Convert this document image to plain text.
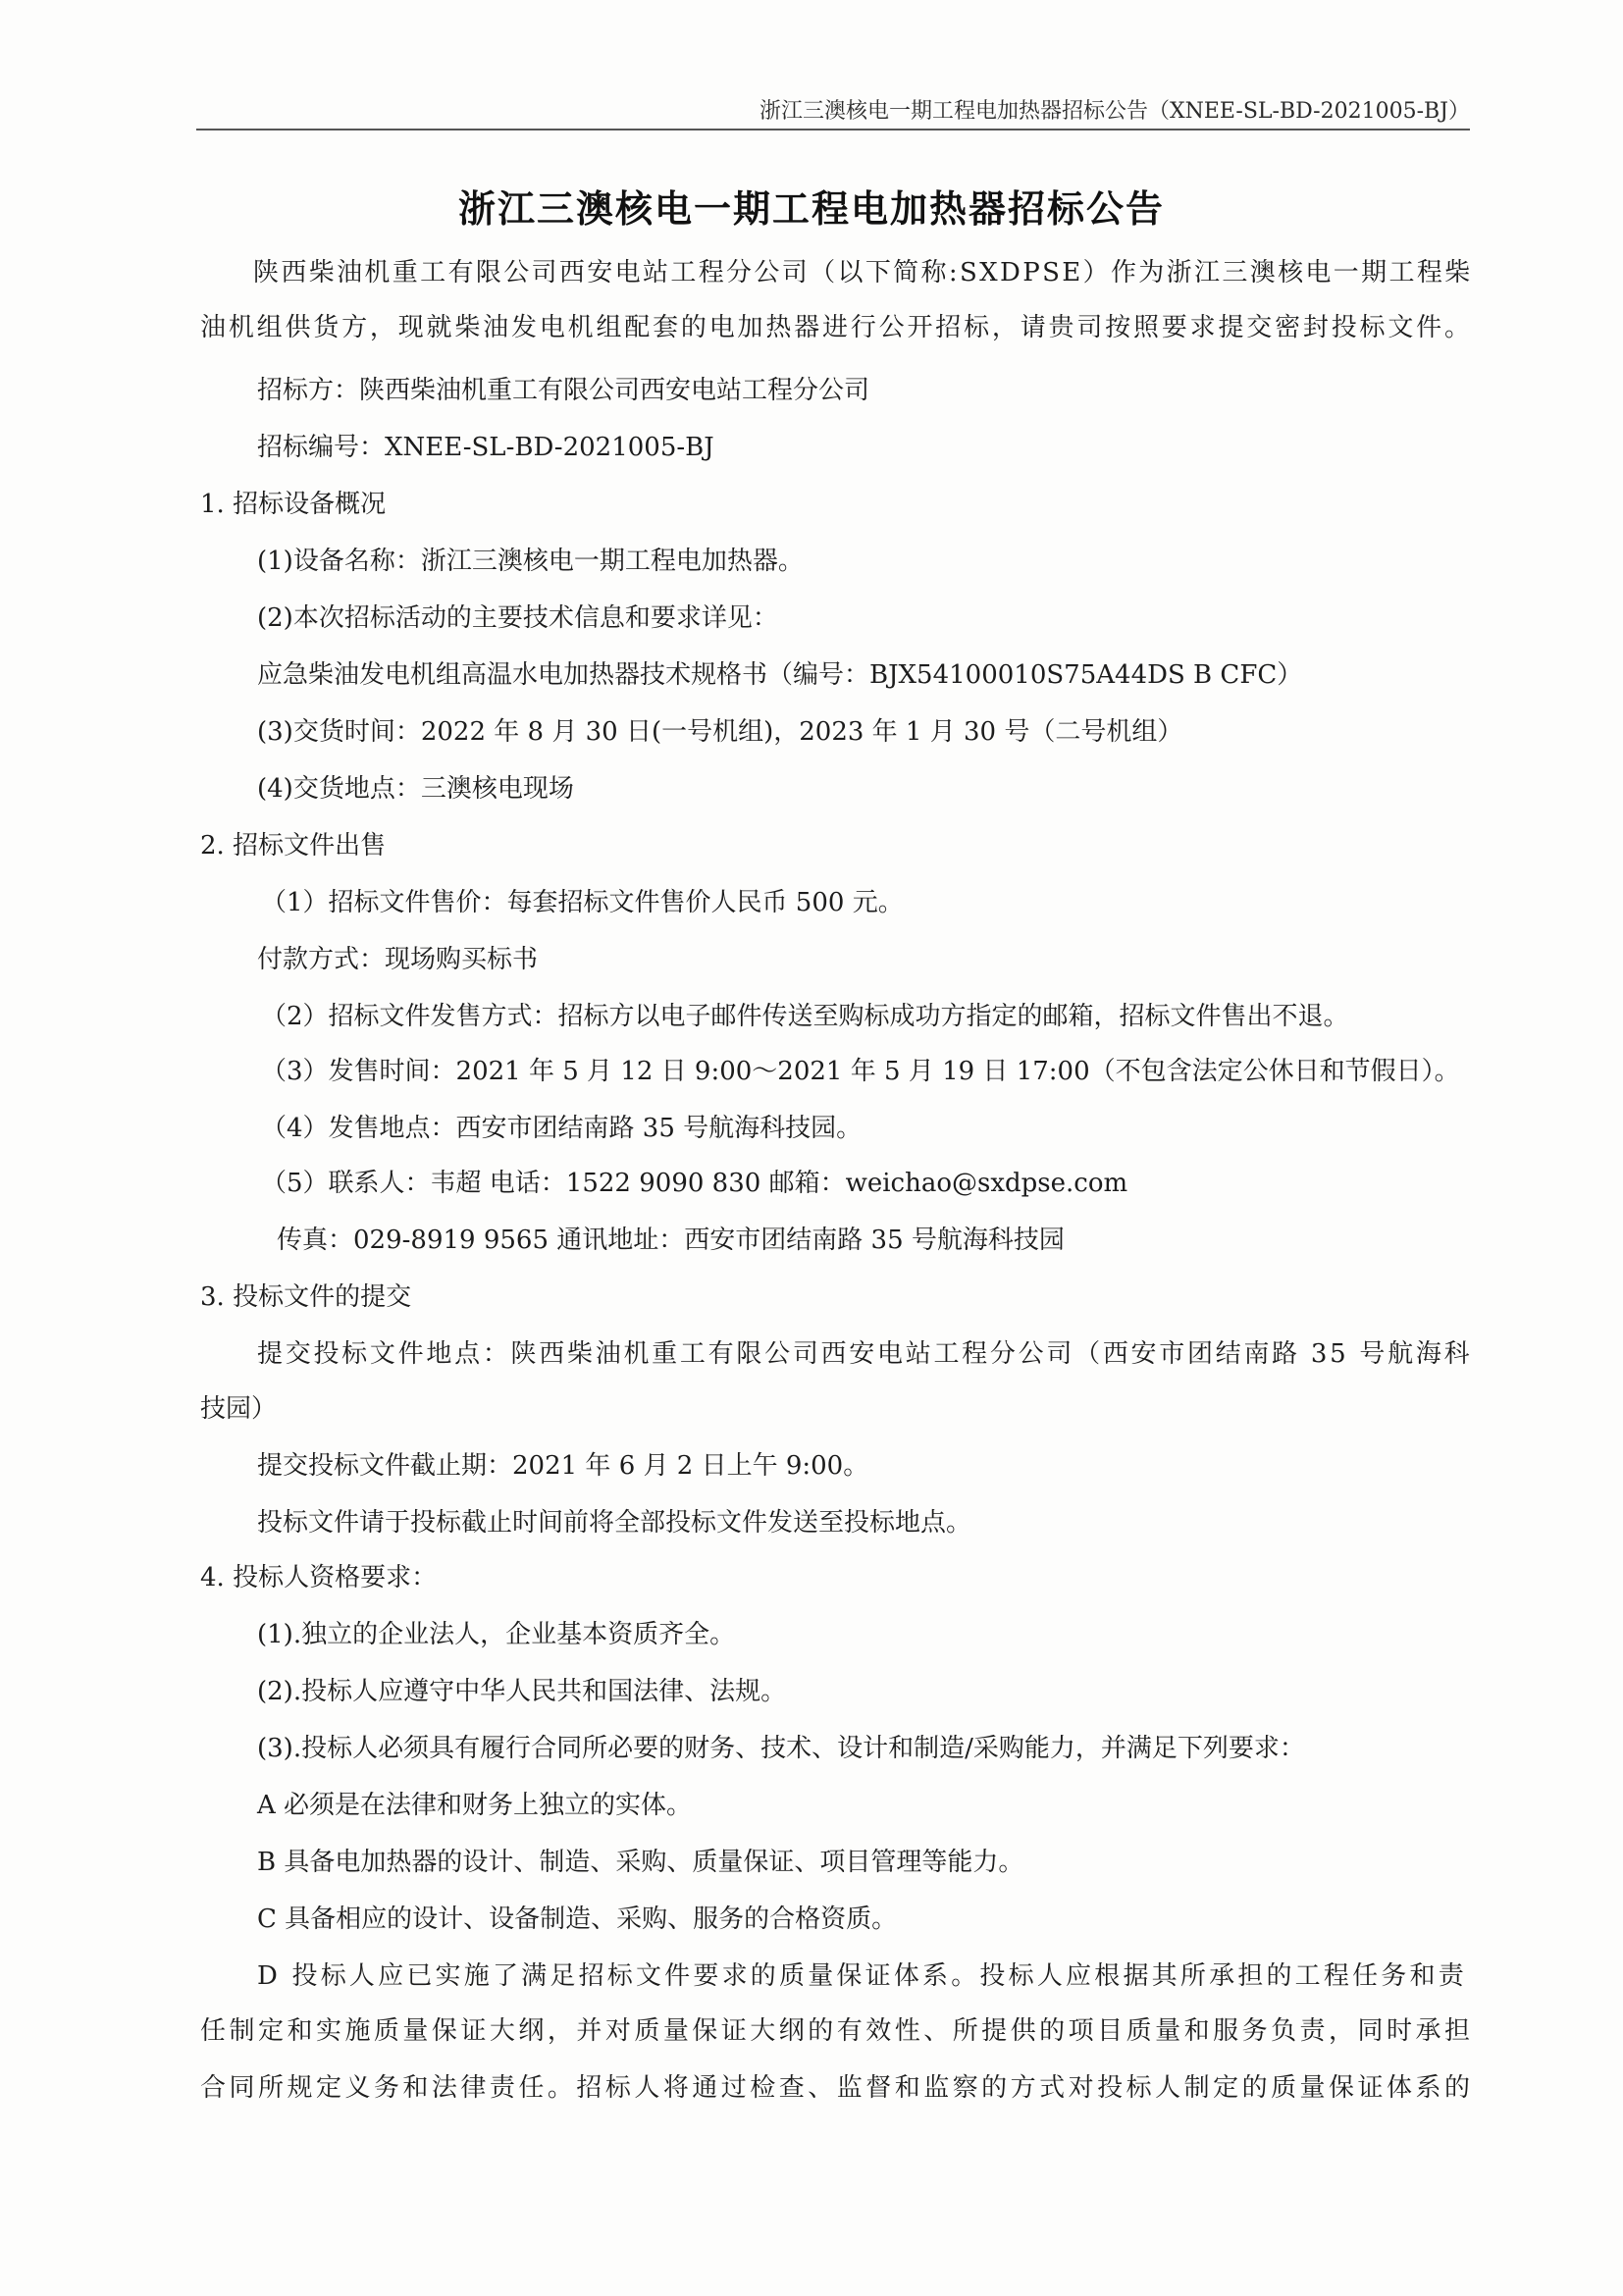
浙江三澳核电一期工程电加热器招标公告（XNEE-SL-BD-2021005-BJ）
浙江三澳核电一期工程电加热器招标公告
陕西柴油机重工有限公司西安电站工程分公司（以下简称:SXDPSE）作为浙江三澳核电一期工程柴
油机组供货方，现就柴油发电机组配套的电加热器进行公开招标，请贵司按照要求提交密封投标文件。
招标方：陕西柴油机重工有限公司西安电站工程分公司
招标编号：XNEE-SL-BD-2021005-BJ
1. 招标设备概况
(1)设备名称：浙江三澳核电一期工程电加热器。
(2)本次招标活动的主要技术信息和要求详见：
应急柴油发电机组高温水电加热器技术规格书（编号：BJX54100010S75A44DS B CFC）
(3)交货时间：2022 年 8 月 30 日(一号机组)，2023 年 1 月 30 号（二号机组）
(4)交货地点：三澳核电现场
2. 招标文件出售
（1）招标文件售价：每套招标文件售价人民币 500 元。
付款方式：现场购买标书
（2）招标文件发售方式：招标方以电子邮件传送至购标成功方指定的邮箱，招标文件售出不退。
（3）发售时间：2021 年 5 月 12 日 9:00～2021 年 5 月 19 日 17:00（不包含法定公休日和节假日）。
（4）发售地点：西安市团结南路 35 号航海科技园。
（5）联系人：韦超 电话：1522 9090 830 邮箱：weichao@sxdpse.com
传真：029-8919 9565 通讯地址：西安市团结南路 35 号航海科技园
3. 投标文件的提交
提交投标文件地点：陕西柴油机重工有限公司西安电站工程分公司（西安市团结南路 35 号航海科
技园）
提交投标文件截止期：2021 年 6 月 2 日上午 9:00。
投标文件请于投标截止时间前将全部投标文件发送至投标地点。
4. 投标人资格要求：
(1).独立的企业法人，企业基本资质齐全。
(2).投标人应遵守中华人民共和国法律、法规。
(3).投标人必须具有履行合同所必要的财务、技术、设计和制造/采购能力，并满足下列要求：
A 必须是在法律和财务上独立的实体。
B 具备电加热器的设计、制造、采购、质量保证、项目管理等能力。
C 具备相应的设计、设备制造、采购、服务的合格资质。
D 投标人应已实施了满足招标文件要求的质量保证体系。投标人应根据其所承担的工程任务和责
任制定和实施质量保证大纲，并对质量保证大纲的有效性、所提供的项目质量和服务负责，同时承担
合同所规定义务和法律责任。招标人将通过检查、监督和监察的方式对投标人制定的质量保证体系的
